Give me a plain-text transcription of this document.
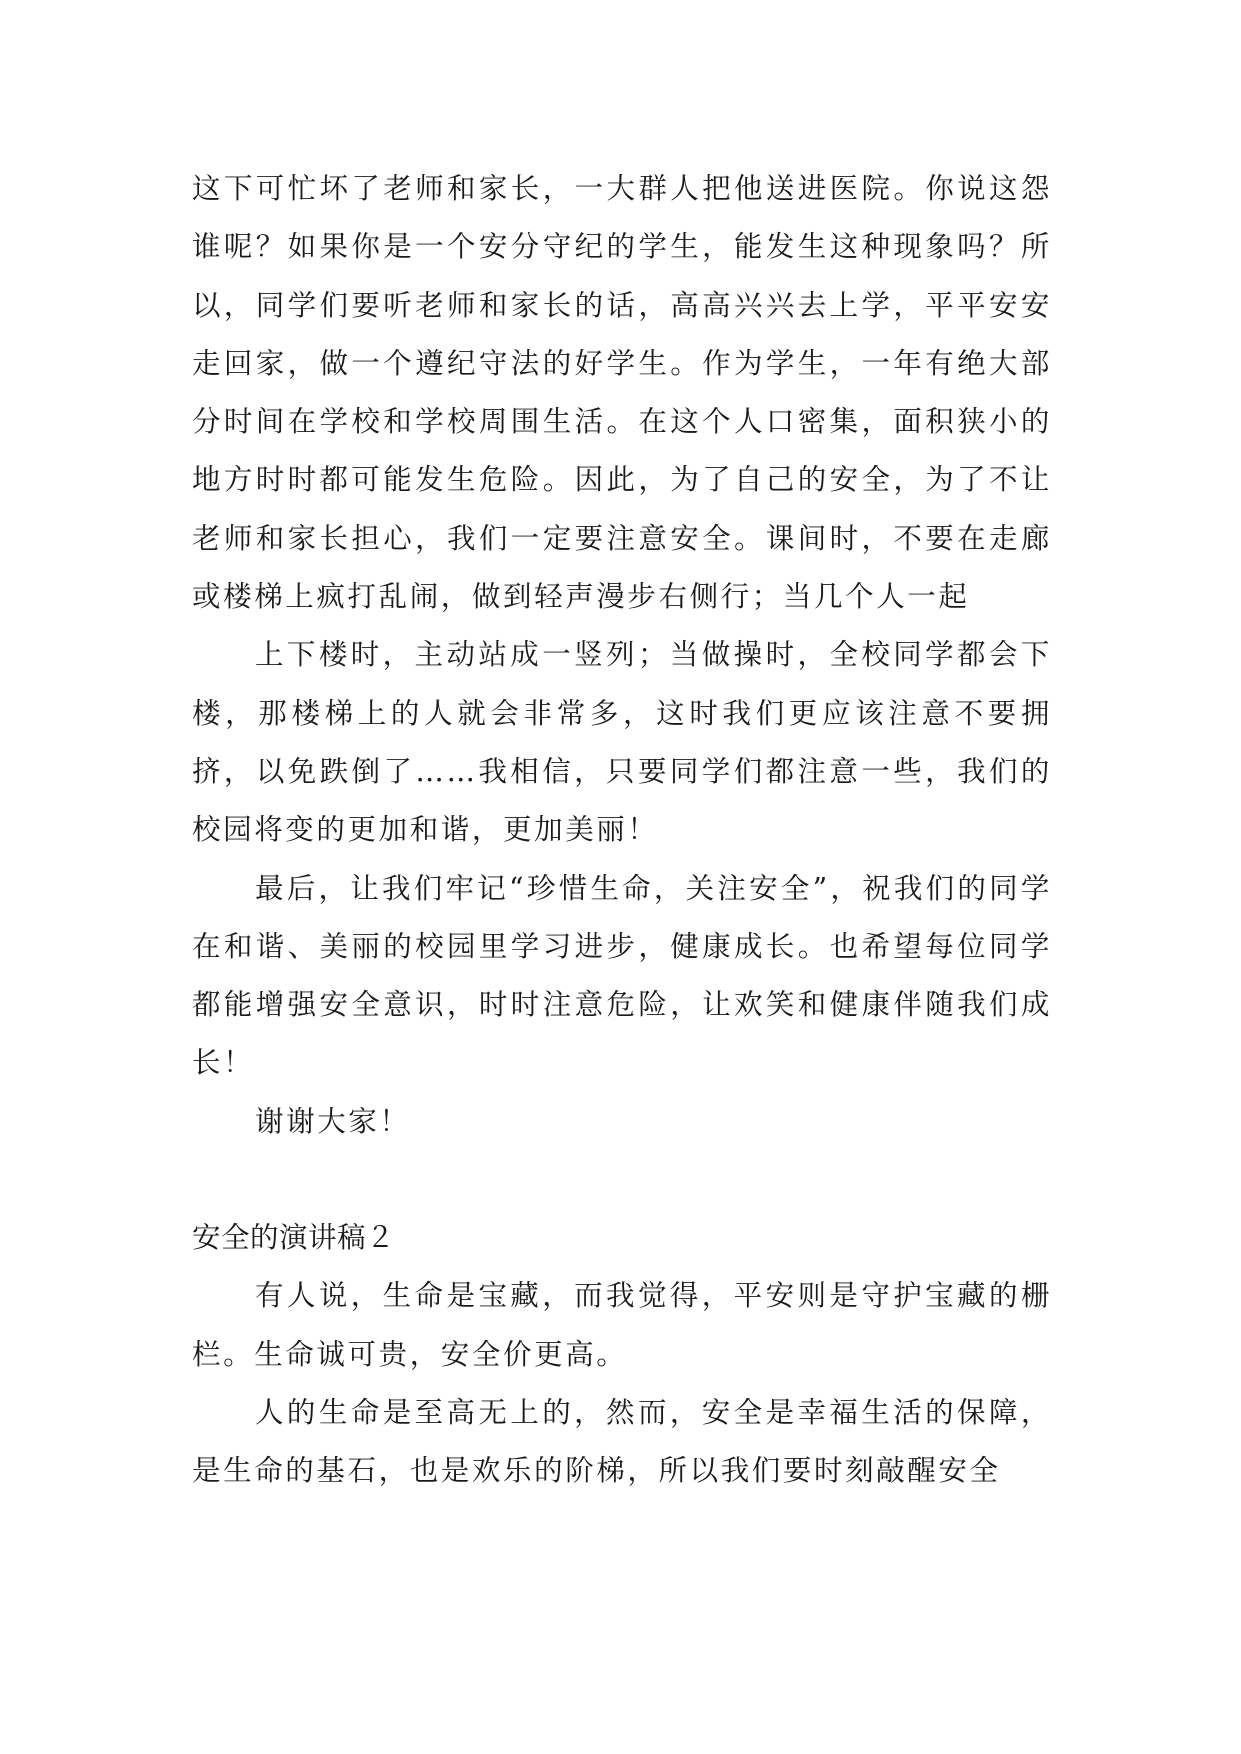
这下可忙坏了老师和家长，一大群人把他送进医院。你说这怨谁呢？如果你是一个安分守纪的学生，能发生这种现象吗？所以，同学们要听老师和家长的话，高高兴兴去上学，平平安安走回家，做一个遵纪守法的好学生。作为学生，一年有绝大部分时间在学校和学校周围生活。在这个人口密集，面积狭小的地方时时都可能发生危险。因此，为了自己的安全，为了不让老师和家长担心，我们一定要注意安全。课间时，不要在走廊或楼梯上疯打乱闹，做到轻声漫步右侧行；当几个人一起

上下楼时，主动站成一竖列；当做操时，全校同学都会下楼，那楼梯上的人就会非常多，这时我们更应该注意不要拥挤，以免跌倒了……我相信，只要同学们都注意一些，我们的校园将变的更加和谐，更加美丽！

最后，让我们牢记“珍惜生命，关注安全”，祝我们的同学在和谐、美丽的校园里学习进步，健康成长。也希望每位同学都能增强安全意识，时时注意危险，让欢笑和健康伴随我们成长！

谢谢大家！

安全的演讲稿２

有人说，生命是宝藏，而我觉得，平安则是守护宝藏的栅栏。生命诚可贵，安全价更高。

人的生命是至高无上的，然而，安全是幸福生活的保障，是生命的基石，也是欢乐的阶梯，所以我们要时刻敲醒安全
